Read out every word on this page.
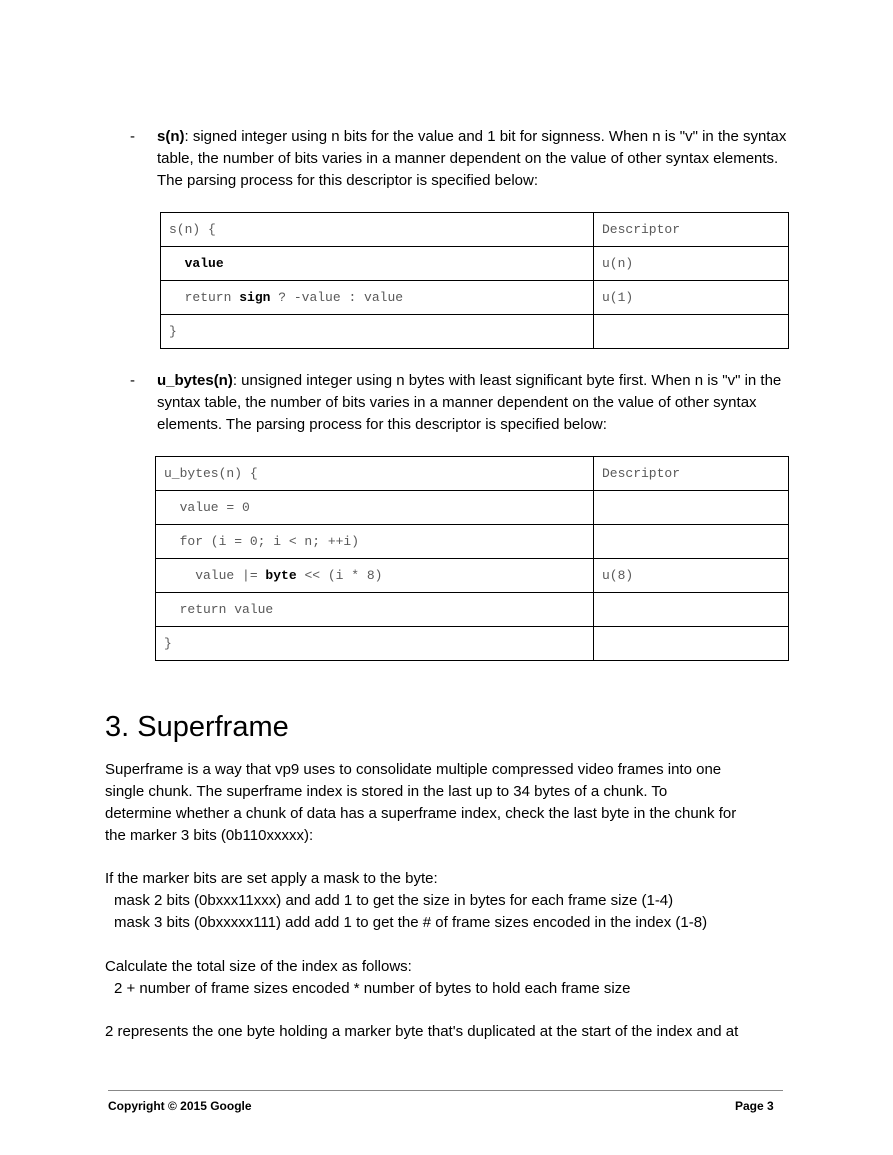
- s(n): signed integer using n bits for the value and 1 bit for signness. When n is "v" in the syntax table, the number of bits varies in a manner dependent on the value of other syntax elements. The parsing process for this descriptor is specified below:
s(n) {	Descriptor
value	u(n)
return sign ? -value : value	u(1)
}	
- u_bytes(n): unsigned integer using n bytes with least significant byte first. When n is "v" in the syntax table, the number of bits varies in a manner dependent on the value of other syntax elements. The parsing process for this descriptor is specified below:
u_bytes(n) {	Descriptor
value = 0	
for (i = 0; i < n; ++i)	
value |= byte << (i * 8)	u(8)
return value	
}	
3. Superframe

Superframe is a way that vp9 uses to consolidate multiple compressed video frames into one
single chunk. The superframe index is stored in the last up to 34 bytes of a chunk. To
determine whether a chunk of data has a superframe index, check the last byte in the chunk for
the marker 3 bits (0b110xxxxx):

If the marker bits are set apply a mask to the byte:
mask 2 bits (0bxxx11xxx) and add 1 to get the size in bytes for each frame size (1-4)
mask 3 bits (0bxxxxx111) add add 1 to get the # of frame sizes encoded in the index (1-8)

Calculate the total size of the index as follows:
2 + number of frame sizes encoded * number of bytes to hold each frame size

2 represents the one byte holding a marker byte that's duplicated at the start of the index and at

Copyright © 2015 Google	Page 3
